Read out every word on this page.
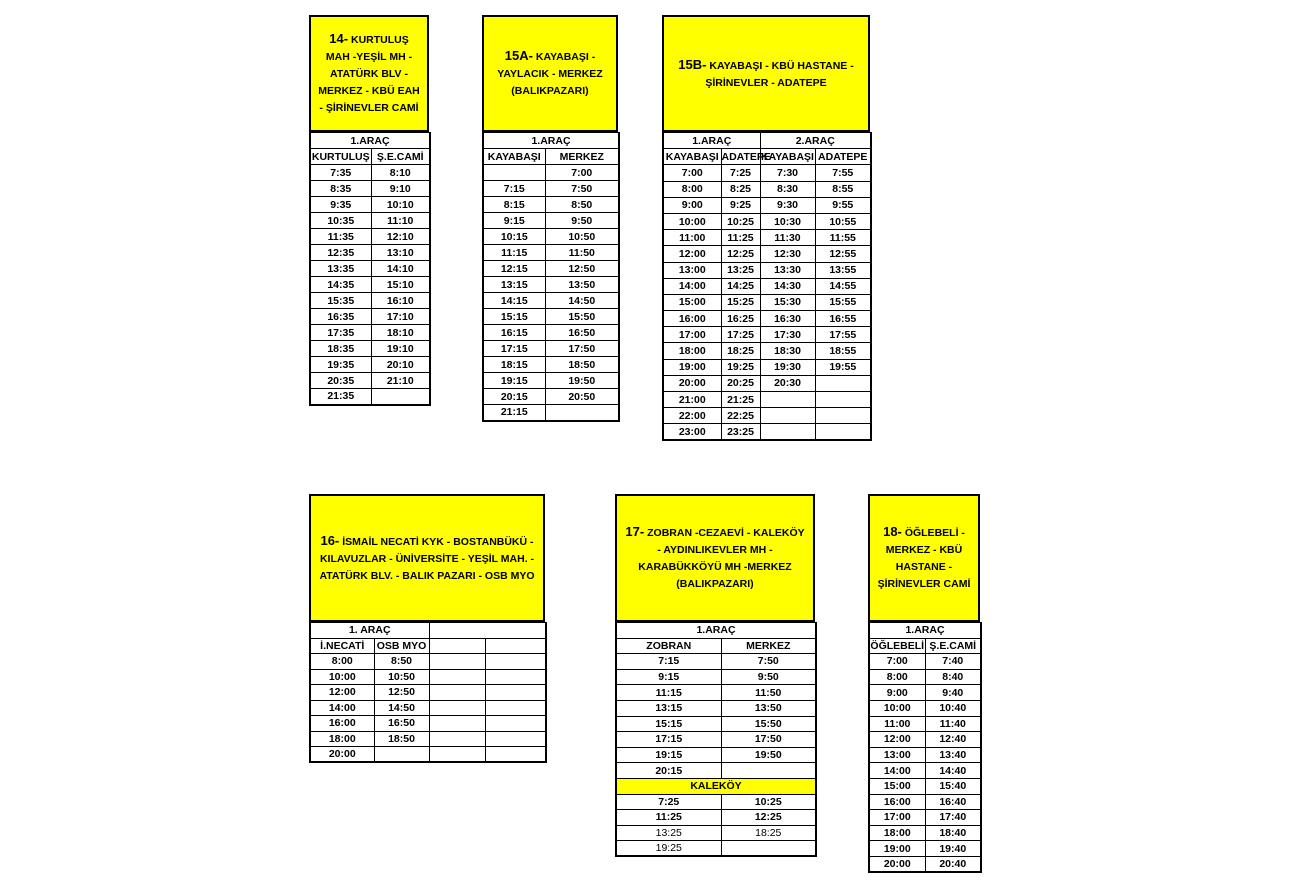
14- KURTULUŞ MAH -YEŞİL MH -ATATÜRK BLV -MERKEZ - KBÜ EAH - ŞİRİNEVLER CAMİ
1.ARAÇ	
KURTULUŞ	Ş.E.CAMİ
7:35	8:10
8:35	9:10
9:35	10:10
10:35	11:10
11:35	12:10
12:35	13:10
13:35	14:10
14:35	15:10
15:35	16:10
16:35	17:10
17:35	18:10
18:35	19:10
19:35	20:10
20:35	21:10
21:35	
15A- KAYABAŞI - YAYLACIK - MERKEZ (BALIKPAZARI)
1.ARAÇ	
KAYABAŞI	MERKEZ
	7:00
7:15	7:50
8:15	8:50
9:15	9:50
10:15	10:50
11:15	11:50
12:15	12:50
13:15	13:50
14:15	14:50
15:15	15:50
16:15	16:50
17:15	17:50
18:15	18:50
19:15	19:50
20:15	20:50
21:15	
15B- KAYABAŞI - KBÜ HASTANE - ŞİRİNEVLER - ADATEPE
1.ARAÇ		2.ARAÇ	
KAYABAŞI	ADATEPE	KAYABAŞI	ADATEPE
7:00	7:25	7:30	7:55
8:00	8:25	8:30	8:55
9:00	9:25	9:30	9:55
10:00	10:25	10:30	10:55
11:00	11:25	11:30	11:55
12:00	12:25	12:30	12:55
13:00	13:25	13:30	13:55
14:00	14:25	14:30	14:55
15:00	15:25	15:30	15:55
16:00	16:25	16:30	16:55
17:00	17:25	17:30	17:55
18:00	18:25	18:30	18:55
19:00	19:25	19:30	19:55
20:00	20:25	20:30	
21:00	21:25		
22:00	22:25		
23:00	23:25		
16- İSMAİL NECATİ KYK - BOSTANBÜKÜ - KILAVUZLAR - ÜNİVERSİTE - YEŞİL MAH. - ATATÜRK BLV. - BALIK PAZARI - OSB MYO
1. ARAÇ			
İ.NECATİ	OSB MYO		
8:00	8:50		
10:00	10:50		
12:00	12:50		
14:00	14:50		
16:00	16:50		
18:00	18:50		
20:00			
17- ZOBRAN -CEZAEVİ - KALEKÖY - AYDINLIKEVLER MH -KARABÜKKÖYÜ MH -MERKEZ (BALIKPAZARI)
1.ARAÇ	
ZOBRAN	MERKEZ
7:15	7:50
9:15	9:50
11:15	11:50
13:15	13:50
15:15	15:50
17:15	17:50
19:15	19:50
20:15	
KALEKÖY	
7:25	10:25
11:25	12:25
13:25	18:25
19:25	
18- ÖĞLEBELİ - MERKEZ - KBÜ HASTANE - ŞİRİNEVLER CAMİ
1.ARAÇ	
ÖĞLEBELİ	Ş.E.CAMİ
7:00	7:40
8:00	8:40
9:00	9:40
10:00	10:40
11:00	11:40
12:00	12:40
13:00	13:40
14:00	14:40
15:00	15:40
16:00	16:40
17:00	17:40
18:00	18:40
19:00	19:40
20:00	20:40
